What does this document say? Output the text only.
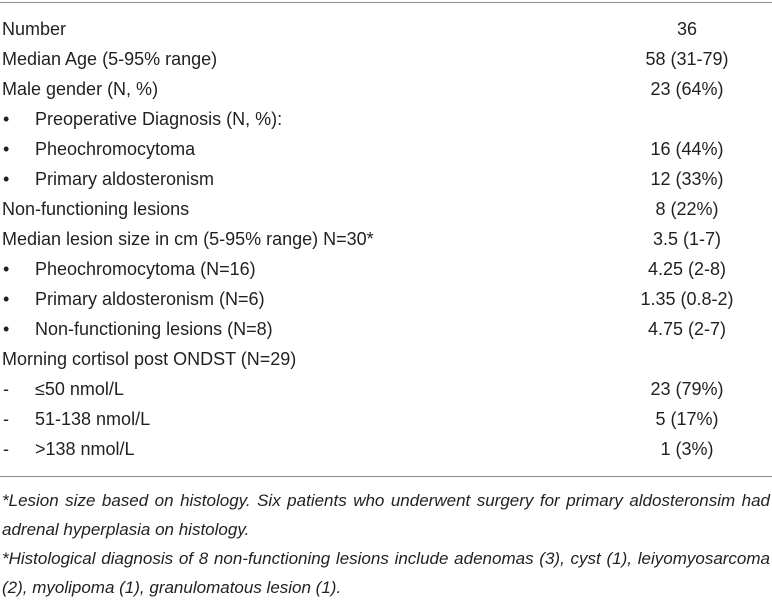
Number	36
Median Age (5-95% range)	58 (31-79)
Male gender (N, %)	23 (64%)
•	Preoperative Diagnosis (N, %):
•	Pheochromocytoma	16 (44%)
•	Primary aldosteronism	12 (33%)
Non-functioning lesions	8 (22%)
Median lesion size in cm (5-95% range) N=30*	3.5 (1-7)
•	Pheochromocytoma (N=16)	4.25 (2-8)
•	Primary aldosteronism (N=6)	1.35 (0.8-2)
•	Non-functioning lesions (N=8)	4.75 (2-7)
Morning cortisol post ONDST (N=29)
-	≤50 nmol/L	23 (79%)
-	51-138 nmol/L	5 (17%)
-	>138 nmol/L	1 (3%)
*Lesion size based on histology. Six patients who underwent surgery for primary aldosteronsim had adrenal hyperplasia on histology.
*Histological diagnosis of 8 non-functioning lesions include adenomas (3), cyst (1), leiyomyosarcoma (2), myolipoma (1), granulomatous lesion (1).
